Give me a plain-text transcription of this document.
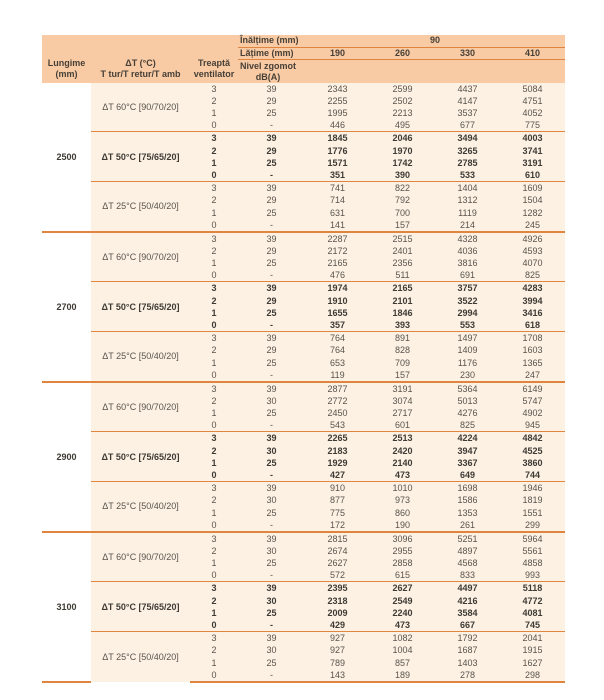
Lungime
(mm)

ΔT (°C)
T tur/T retur/T amb

Treaptă
ventilator
	Înălțime (mm)	90
			Lățime (mm)	190	260	330	410

			Nivel zgomot
dB(A)				

2500	ΔT 60°C [90/70/20]	3	39	2343	2599	4437	5084
		2	29	2255	2502	4147	4751
		1	25	1995	2213	3537	4052
		0	-	446	495	677	775
	ΔT 50°C [75/65/20]	3	39	1845	2046	3494	4003
		2	29	1776	1970	3265	3741
		1	25	1571	1742	2785	3191
		0	-	351	390	533	610
	ΔT 25°C [50/40/20]	3	39	741	822	1404	1609
		2	29	714	792	1312	1504
		1	25	631	700	1119	1282
		0	-	141	157	214	245
2700	ΔT 60°C [90/70/20]	3	39	2287	2515	4328	4926
		2	29	2172	2401	4036	4593
		1	25	2165	2356	3816	4070
		0	-	476	511	691	825
	ΔT 50°C [75/65/20]	3	39	1974	2165	3757	4283
		2	29	1910	2101	3522	3994
		1	25	1655	1846	2994	3416
		0	-	357	393	553	618
	ΔT 25°C [50/40/20]	3	39	764	891	1497	1708
		2	29	764	828	1409	1603
		1	25	653	709	1176	1365
		0	-	119	157	230	247
2900	ΔT 60°C [90/70/20]	3	39	2877	3191	5364	6149
		2	30	2772	3074	5013	5747
		1	25	2450	2717	4276	4902
		0	-	543	601	825	945
	ΔT 50°C [75/65/20]	3	39	2265	2513	4224	4842
		2	30	2183	2420	3947	4525
		1	25	1929	2140	3367	3860
		0	-	427	473	649	744
	ΔT 25°C [50/40/20]	3	39	910	1010	1698	1946
		2	30	877	973	1586	1819
		1	25	775	860	1353	1551
		0	-	172	190	261	299
3100	ΔT 60°C [90/70/20]	3	39	2815	3096	5251	5964
		2	30	2674	2955	4897	5561
		1	25	2627	2858	4568	4858
		0	-	572	615	833	993
	ΔT 50°C [75/65/20]	3	39	2395	2627	4497	5118
		2	30	2318	2549	4216	4772
		1	25	2009	2240	3584	4081
		0	-	429	473	667	745
	ΔT 25°C [50/40/20]	3	39	927	1082	1792	2041
		2	30	927	1004	1687	1915
		1	25	789	857	1403	1627
		0	-	143	189	278	298
